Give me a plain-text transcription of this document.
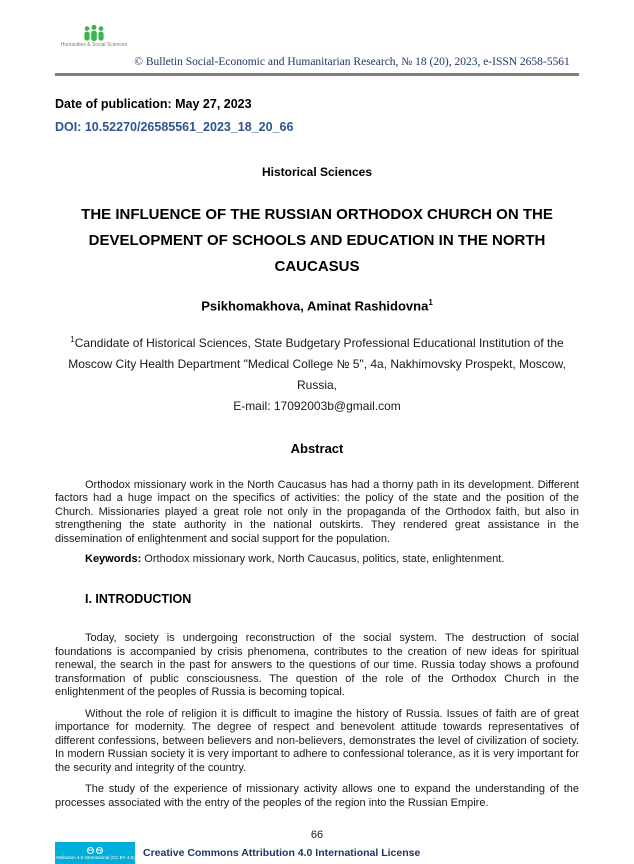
Humanities & Social Sciences
© Bulletin Social-Economic and Humanitarian Research, № 18 (20), 2023, e-ISSN 2658-5561
Date of publication: May 27, 2023
DOI: 10.52270/26585561_2023_18_20_66
Historical Sciences
THE INFLUENCE OF THE RUSSIAN ORTHODOX CHURCH ON THE DEVELOPMENT OF SCHOOLS AND EDUCATION IN THE NORTH CAUCASUS
Psikhomakhova, Aminat Rashidovna$^1$
$^1$Candidate of Historical Sciences, State Budgetary Professional Educational Institution of the Moscow City Health Department "Medical College № 5", 4a, Nakhimovsky Prospekt, Moscow, Russia,
E-mail: 17092003b@gmail.com
Abstract

Orthodox missionary work in the North Caucasus has had a thorny path in its development. Different factors had a huge impact on the specifics of activities: the policy of the state and the position of the Church. Missionaries played a great role not only in the propaganda of the Orthodox faith, but also in strengthening the state authority in the national outskirts. They rendered great assistance in the dissemination of enlightenment and social support for the population.

Keywords: Orthodox missionary work, North Caucasus, politics, state, enlightenment.

I. INTRODUCTION

Today, society is undergoing reconstruction of the social system. The destruction of social foundations is accompanied by crisis phenomena, contributes to the creation of new ideas for spiritual renewal, the search in the past for answers to the questions of our time. Russia today shows a profound transformation of public consciousness. The question of the role of the Orthodox Church in the enlightenment of the peoples of Russia is becoming topical.

Without the role of religion it is difficult to imagine the history of Russia. Issues of faith are of great importance for modernity. The degree of respect and benevolent attitude towards representatives of different confessions, between believers and non-believers, demonstrates the level of civilization of society. In modern Russian society it is very important to adhere to confessional tolerance, as it is very important for the security and integrity of the country.

The study of the experience of missionary activity allows one to expand the understanding of the processes associated with the entry of the peoples of the region into the Russian Empire.

66
cc	by
Attribution 4.0 International (CC BY 4.0) Creative Commons Attribution 4.0 International License
